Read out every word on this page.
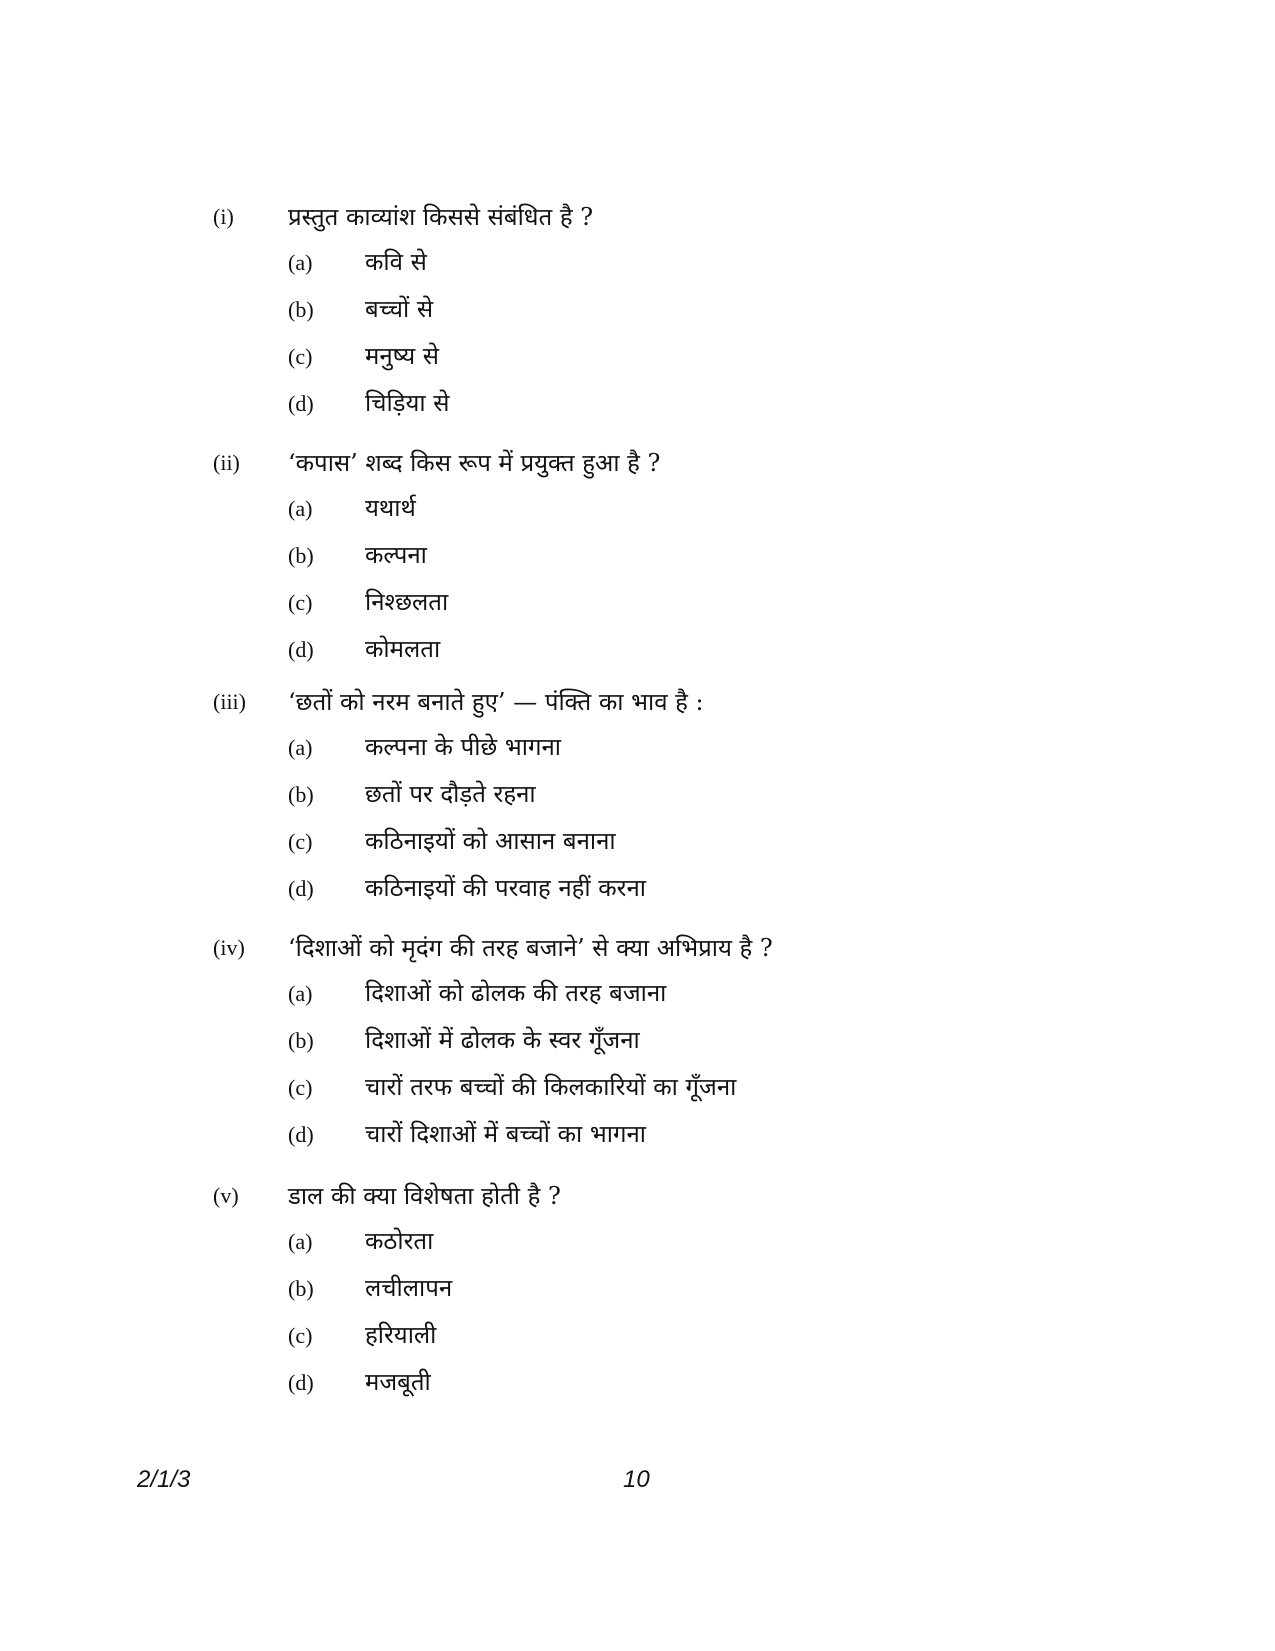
(i) प्रस्तुत काव्यांश किससे संबंधित है ?
(a) कवि से
(b) बच्चों से
(c) मनुष्य से
(d) चिड़िया से
(ii) ‘कपास’ शब्द किस रूप में प्रयुक्त हुआ है ?
(a) यथार्थ
(b) कल्पना
(c) निश्छलता
(d) कोमलता
(iii) ‘छतों को नरम बनाते हुए’ — पंक्ति का भाव है :
(a) कल्पना के पीछे भागना
(b) छतों पर दौड़ते रहना
(c) कठिनाइयों को आसान बनाना
(d) कठिनाइयों की परवाह नहीं करना
(iv) ‘दिशाओं को मृदंग की तरह बजाने’ से क्या अभिप्राय है ?
(a) दिशाओं को ढोलक की तरह बजाना
(b) दिशाओं में ढोलक के स्वर गूँजना
(c) चारों तरफ बच्चों की किलकारियों का गूँजना
(d) चारों दिशाओं में बच्चों का भागना
(v) डाल की क्या विशेषता होती है ?
(a) कठोरता
(b) लचीलापन
(c) हरियाली
(d) मजबूती
2/1/3	10
